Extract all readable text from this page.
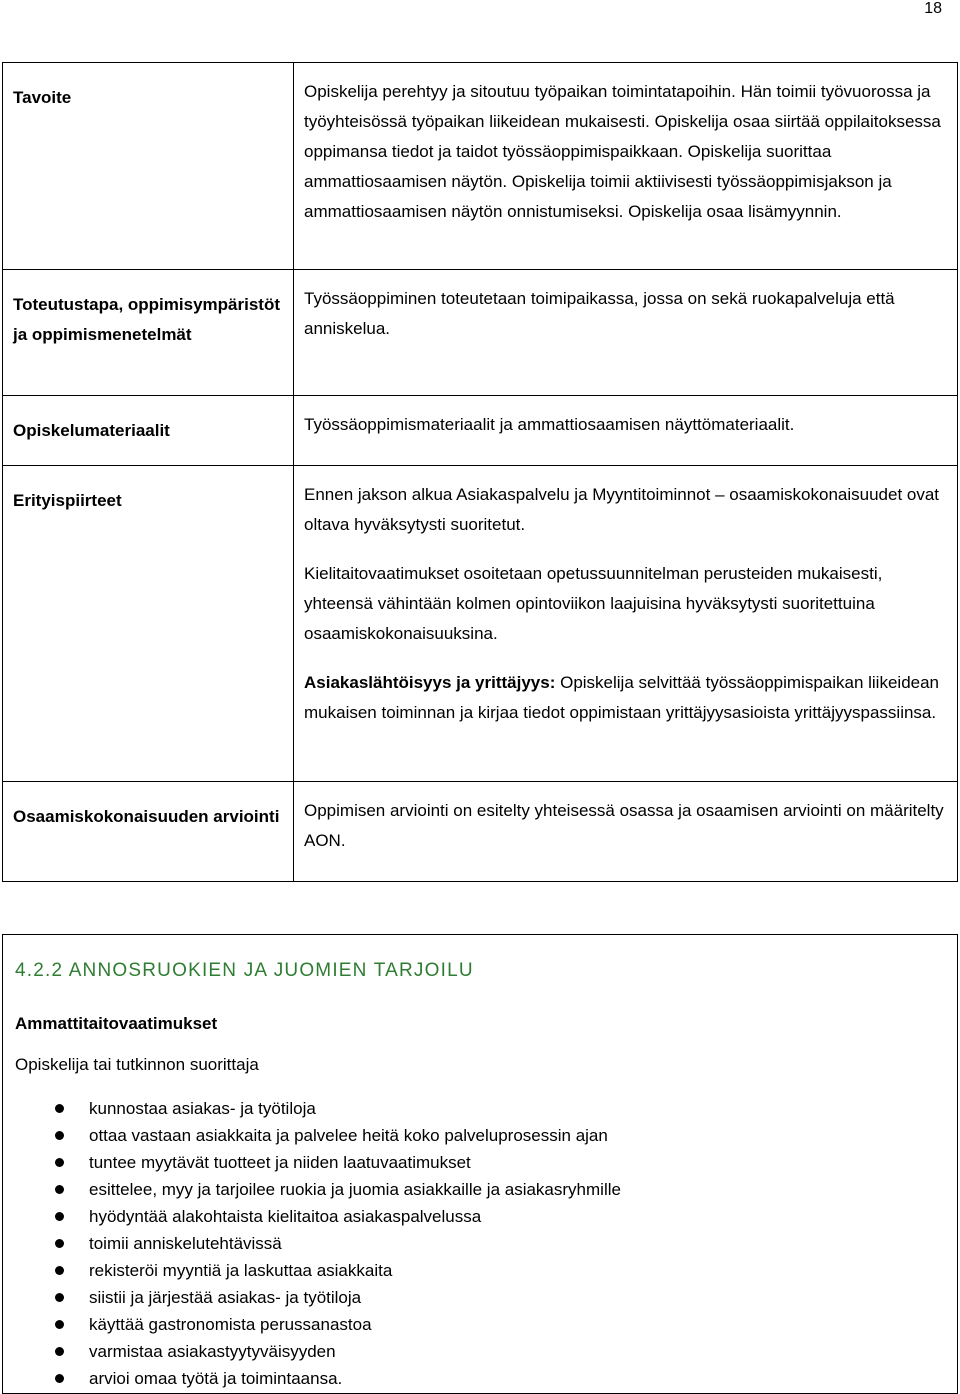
18
Tavoite	Opiskelija perehtyy ja sitoutuu työpaikan toimintatapoihin. Hän toimii työvuorossa ja työyhteisössä työpaikan liikeidean mukaisesti. Opiskelija osaa siirtää oppilaitoksessa oppimansa tiedot ja taidot työssäoppimispaikkaan. Opiskelija suorittaa ammattiosaamisen näytön. Opiskelija toimii aktiivisesti työssäoppimisjakson ja ammattiosaamisen näytön onnistumiseksi. Opiskelija osaa lisämyynnin.

Toteutustapa, oppimisympäristöt ja oppimismenetelmät	Työssäoppiminen toteutetaan toimipaikassa, jossa on sekä ruokapalveluja että anniskelua.

Opiskelumateriaalit	Työssäoppimismateriaalit ja ammattiosaamisen näyttömateriaalit.

Erityispiirteet	Ennen jakson alkua Asiakaspalvelu ja Myyntitoiminnot – osaamiskokonaisuudet ovat oltava hyväksytysti suoritetut.

Kielitaitovaatimukset osoitetaan opetussuunnitelman perusteiden mukaisesti, yhteensä vähintään kolmen opintoviikon laajuisina hyväksytysti suoritettuina osaamiskokonaisuuksina.

Asiakaslähtöisyys ja yrittäjyys: Opiskelija selvittää työssäoppimispaikan liikeidean mukaisen toiminnan ja kirjaa tiedot oppimistaan yrittäjyysasioista yrittäjyyspassiinsa.

Osaamiskokonaisuuden arviointi	Oppimisen arviointi on esitelty yhteisessä osassa ja osaamisen arviointi on määritelty AON.

4.2.2 ANNOSRUOKIEN JA JUOMIEN TARJOILU
Ammattitaitovaatimukset
Opiskelija tai tutkinnon suorittaja
kunnostaa asiakas- ja työtiloja
ottaa vastaan asiakkaita ja palvelee heitä koko palveluprosessin ajan
tuntee myytävät tuotteet ja niiden laatuvaatimukset
esittelee, myy ja tarjoilee ruokia ja juomia asiakkaille ja asiakasryhmille
hyödyntää alakohtaista kielitaitoa asiakaspalvelussa
toimii anniskelutehtävissä
rekisteröi myyntiä ja laskuttaa asiakkaita
siistii ja järjestää asiakas- ja työtiloja
käyttää gastronomista perussanastoa
varmistaa asiakastyytyväisyyden
arvioi omaa työtä ja toimintaansa.
